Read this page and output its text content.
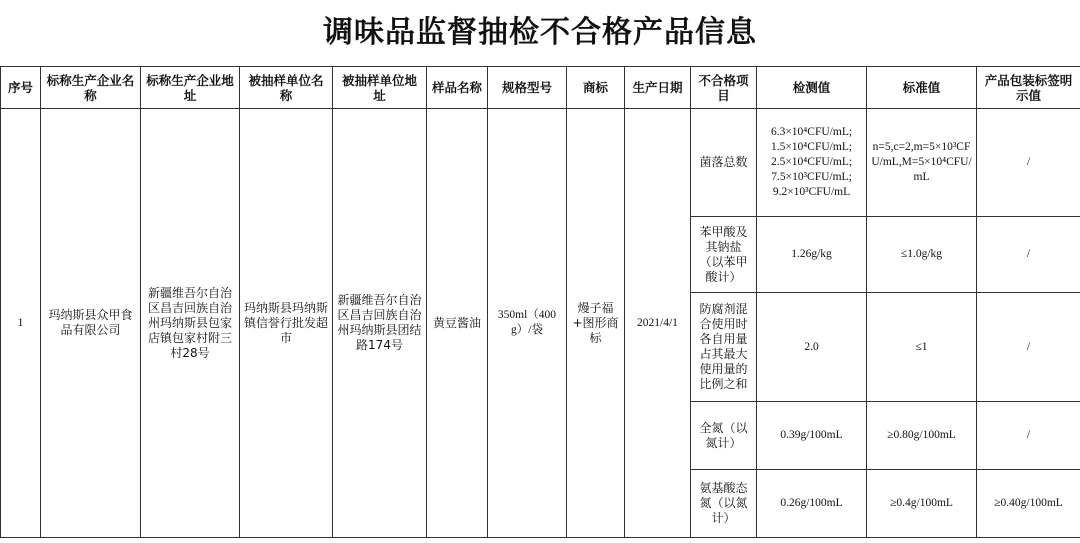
调味品监督抽检不合格产品信息
序号	标称生产企业名称	标称生产企业地址	被抽样单位名称	被抽样单位地址	样品名称	规格型号	商标	生产日期	不合格项目	检测值	标准值	产品包装标签明示值
1	玛纳斯县众甲食品有限公司	新疆维吾尔自治区昌吉回族自治州玛纳斯县包家店镇包家村附三村28号	玛纳斯县玛纳斯镇信誉行批发超市	新疆维吾尔自治区昌吉回族自治州玛纳斯县团结路174号	黄豆酱油	350ml（400g）/袋	熳子福+图形商标	2021/4/1	菌落总数	6.3×10⁴CFU/mL;
1.5×10⁴CFU/mL;
2.5×10⁴CFU/mL;
7.5×10³CFU/mL;
9.2×10³CFU/mL	n=5,c=2,m=5×10³CFU/mL,M=5×10⁴CFU/mL	/
									苯甲酸及其钠盐（以苯甲酸计）	1.26g/kg	≤1.0g/kg	/
									防腐剂混合使用时各自用量占其最大使用量的比例之和	2.0	≤1	/
									全氮（以氮计）	0.39g/100mL	≥0.80g/100mL	/
									氨基酸态氮（以氮计）	0.26g/100mL	≥0.4g/100mL	≥0.40g/100mL
